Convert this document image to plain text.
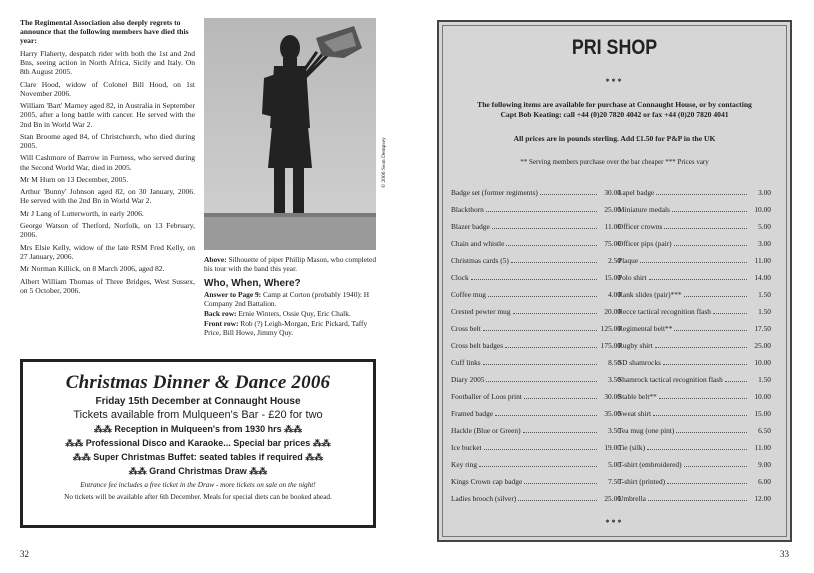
The Regimental Association also deeply regrets to announce that the following members have died this year:

Harry Flaherty, despatch rider with both the 1st and 2nd Bns, seeing action in North Africa, Sicily and Italy. On 8th August 2005.

Clare Hood, widow of Colonel Bill Hood, on 1st November 2006.

William 'Bart' Marney aged 82, in Australia in September 2005, after a long battle with cancer. He served with the 2nd Bn in World War 2.

Stan Broome aged 84, of Christchurch, who died during 2005.

Will Cashmore of Barrow in Furness, who served during the Second World War, died in 2005.

Mr M Hurn on 13 December, 2005.

Arthur 'Bunny' Johnson aged 82, on 30 January, 2006. He served with the 2nd Bn in World War 2.

Mr J Lang of Lutterworth, in early 2006.

George Watson of Thetford, Norfolk, on 13 February, 2006.

Mrs Elsie Kelly, widow of the late RSM Fred Kelly, on 27 January, 2006.

Mr Norman Killick, on 8 March 2006, aged 82.

Albert William Thomas of Three Bridges, West Sussex, on 5 October, 2006.

© 2006 Sean Dempsey

Above: Silhouette of piper Phillip Mason, who completed his tour with the band this year.

Who, When, Where?

Answer to Page 9: Camp at Corton (probably 1940): H Company 2nd Battalion.

Back row: Ernie Winters, Ossie Quy, Eric Chalk.

Front row: Rob (?) Leigh-Morgan, Eric Pickard, Taffy Price, Bill Howe, Jimmy Quy.

Christmas Dinner & Dance 2006
Friday 15th December at Connaught House
Tickets available from Mulqueen's Bar - £20 for two
⁂⁂ Reception in Mulqueen's from 1930 hrs ⁂⁂
⁂⁂ Professional Disco and Karaoke... Special bar prices ⁂⁂
⁂⁂ Super Christmas Buffet: seated tables if required ⁂⁂
⁂⁂ Grand Christmas Draw ⁂⁂
Entrance fee includes a free ticket in the Draw - more tickets on sale on the night!
No tickets will be available after 6th December. Meals for special diets can be booked ahead.
32
PRI SHOP
***
The following items are available for purchase at Connaught House, or by contacting
Capt Bob Keating: call +44 (0)20 7820 4042 or fax +44 (0)20 7820 4041
All prices are in pounds sterling. Add £1.50 for P&P in the UK
** Serving members purchase over the bar cheaper *** Prices vary
Badge set (former regiments)	30.00
Blackthorn	25.00
Blazer badge	11.00
Chain and whistle	75.00
Christmas cards (5)	2.50
Clock	15.00
Coffee mug	4.00
Crested pewter mug	20.00
Cross belt	125.00
Cross belt badges	175.00
Cuff links	8.50
Diary 2005	3.50
Footballer of Loos print	30.00
Framed badge	35.00
Hackle (Blue or Green)	3.50
Ice bucket	19.00
Key ring	5.00
Kings Crown cap badge	7.50
Ladies brooch (silver)	25.00
Lapel badge	3.00
Miniature medals	10.00
Officer crowns	5.00
Officer pips (pair)	3.00
Plaque	11.00
Polo shirt	14.00
Rank slides (pair)***	1.50
Recce tactical recognition flash	1.50
Regimental belt**	17.50
Rugby shirt	25.00
SD shamrocks	10.00
Shamrock tactical recognition flash	1.50
Stable belt**	10.00
Sweat shirt	15.00
Tea mug (one pint)	6.50
Tie (silk)	11.00
T-shirt (embroidered)	9.00
T-shirt (printed)	6.00
Umbrella	12.00
***
33
